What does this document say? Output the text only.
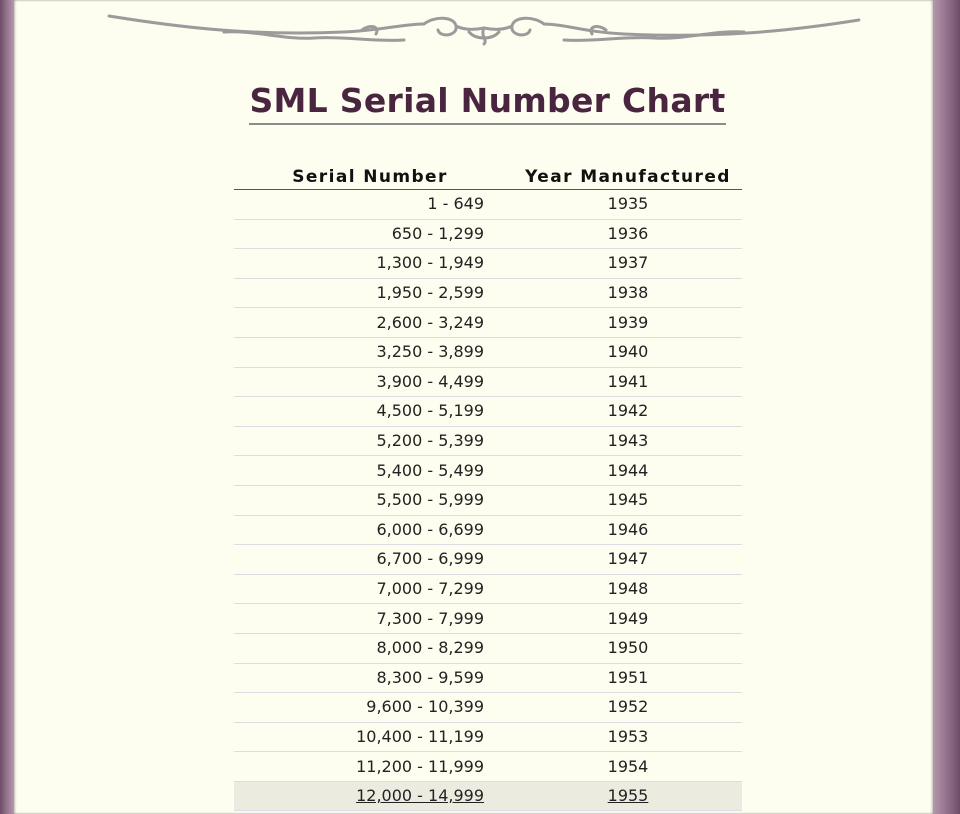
SML Serial Number Chart
Serial Number	Year Manufactured
1 - 649	1935
650 - 1,299	1936
1,300 - 1,949	1937
1,950 - 2,599	1938
2,600 - 3,249	1939
3,250 - 3,899	1940
3,900 - 4,499	1941
4,500 - 5,199	1942
5,200 - 5,399	1943
5,400 - 5,499	1944
5,500 - 5,999	1945
6,000 - 6,699	1946
6,700 - 6,999	1947
7,000 - 7,299	1948
7,300 - 7,999	1949
8,000 - 8,299	1950
8,300 - 9,599	1951
9,600 - 10,399	1952
10,400 - 11,199	1953
11,200 - 11,999	1954
12,000 - 14,999	1955
